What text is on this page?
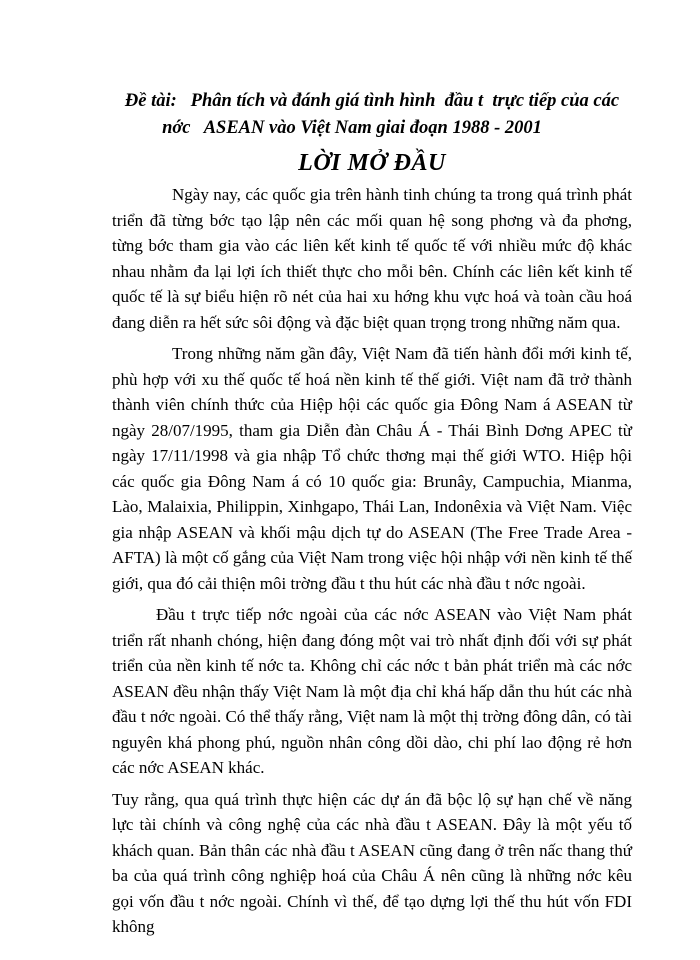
Đề tài:   Phân tích và đánh giá tình hình  đầu t  trực tiếp của các
nớc   ASEAN vào Việt Nam giai đoạn 1988 - 2001

LỜI MỞ ĐẦU

Ngày nay, các quốc gia trên hành tinh chúng ta trong quá trình phát triển đã từng bớc tạo lập nên các mối quan hệ song phơng và đa phơng, từng bớc tham gia vào các liên kết kinh tế quốc tế với nhiều mức độ khác nhau nhằm đa lại lợi ích thiết thực cho mỗi bên. Chính các liên kết kinh tế quốc tế là sự biểu hiện rõ nét của hai xu hớng khu vực hoá và toàn cầu hoá đang diễn ra hết sức sôi động và đặc biệt quan trọng trong những năm qua.

Trong những năm gần đây, Việt Nam đã tiến hành đổi mới kinh tế, phù hợp với xu thế quốc tế hoá nền kinh tế thế giới. Việt nam đã trở thành thành viên chính thức của Hiệp hội các quốc gia Đông Nam á ASEAN từ ngày 28/07/1995, tham gia Diễn đàn Châu Á - Thái Bình Dơng APEC từ ngày 17/11/1998 và gia nhập Tổ chức thơng mại thế giới WTO. Hiệp hội các quốc gia Đông Nam á có 10 quốc gia: Brunây, Campuchia, Mianma, Lào, Malaixia, Philippin, Xinhgapo, Thái Lan, Indonêxia và Việt Nam. Việc gia nhập ASEAN và khối mậu dịch tự do ASEAN (The Free Trade Area -AFTA) là một cố gắng của Việt Nam trong việc hội nhập với nền kinh tế thế giới, qua đó cải thiện môi trờng đầu t thu hút các nhà đầu t nớc ngoài.

Đầu t trực tiếp nớc ngoài của các nớc ASEAN vào Việt Nam phát triển rất nhanh chóng, hiện đang đóng một vai trò nhất định đối với sự phát triển của nền kinh tế nớc ta. Không chỉ các nớc t bản phát triển mà các nớc ASEAN đều nhận thấy Việt Nam là một địa chỉ khá hấp dẫn thu hút các nhà đầu t nớc ngoài. Có thể thấy rằng, Việt nam là một thị trờng đông dân, có tài nguyên khá phong phú, nguồn nhân công dồi dào, chi phí lao động rẻ hơn các nớc ASEAN khác.

Tuy rằng, qua quá trình thực hiện các dự án đã bộc lộ sự hạn chế về năng lực tài chính và công nghệ của các nhà đầu t ASEAN. Đây là một yếu tố khách quan. Bản thân các nhà đầu t ASEAN cũng đang ở trên nấc thang thứ ba của quá trình công nghiệp hoá của Châu Á nên cũng là những nớc kêu gọi vốn đầu t nớc ngoài. Chính vì thế, để tạo dựng lợi thế thu hút vốn FDI không
